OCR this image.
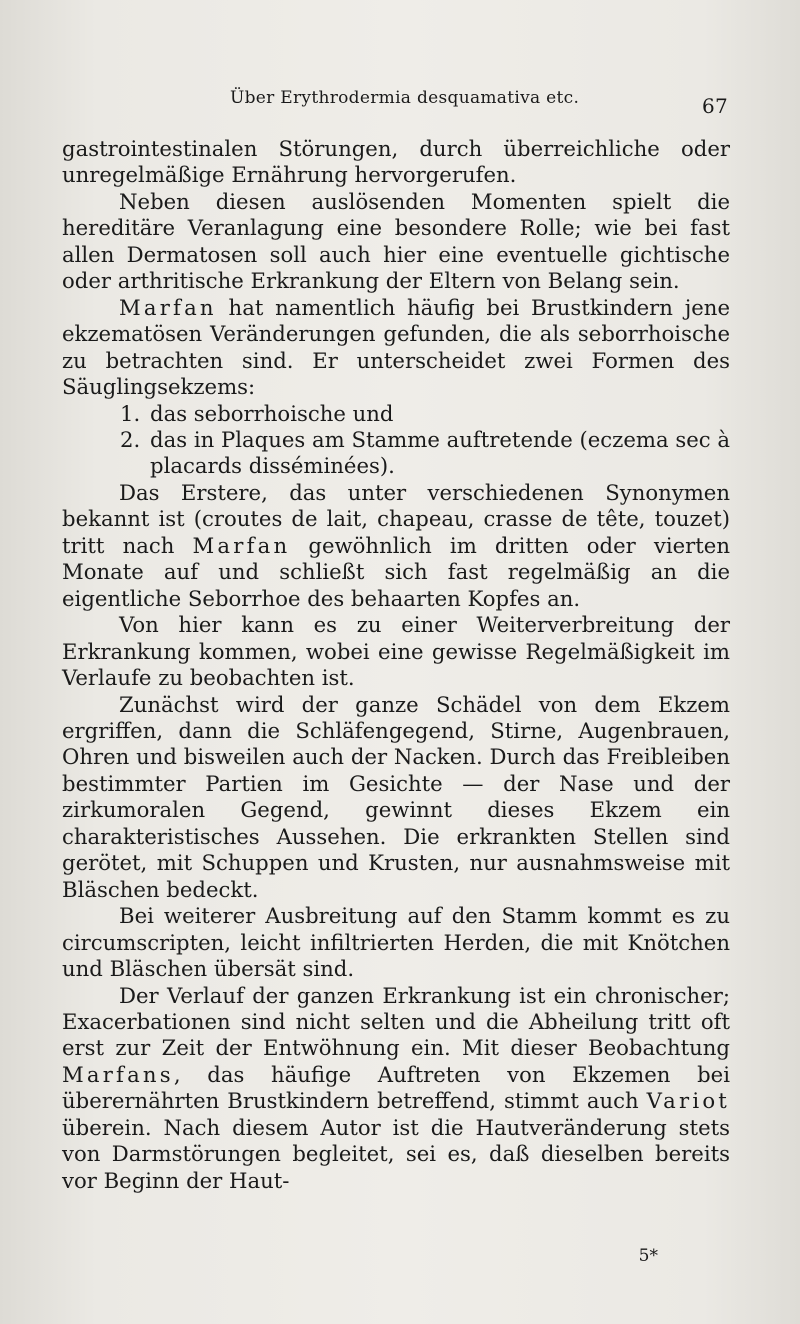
Über Erythrodermia desquamativa etc.	67

gastrointestinalen Störungen, durch überreichliche oder unregelmäßige Ernährung hervorgerufen.

Neben diesen auslösenden Momenten spielt die hereditäre Veranlagung eine besondere Rolle; wie bei fast allen Dermatosen soll auch hier eine eventuelle gichtische oder arthritische Erkrankung der Eltern von Belang sein.

Marfan hat namentlich häufig bei Brustkindern jene ekzematösen Veränderungen gefunden, die als seborrhoische zu betrachten sind. Er unterscheidet zwei Formen des Säuglingsekzems:

1. das seborrhoische und

2. das in Plaques am Stamme auftretende (eczema sec à placards disséminées).

Das Erstere, das unter verschiedenen Synonymen bekannt ist (croutes de lait, chapeau, crasse de tête, touzet) tritt nach Marfan gewöhnlich im dritten oder vierten Monate auf und schließt sich fast regelmäßig an die eigentliche Seborrhoe des behaarten Kopfes an.

Von hier kann es zu einer Weiterverbreitung der Erkrankung kommen, wobei eine gewisse Regelmäßigkeit im Verlaufe zu beobachten ist.

Zunächst wird der ganze Schädel von dem Ekzem ergriffen, dann die Schläfengegend, Stirne, Augenbrauen, Ohren und bisweilen auch der Nacken. Durch das Freibleiben bestimmter Partien im Gesichte — der Nase und der zirkumoralen Gegend, gewinnt dieses Ekzem ein charakteristisches Aussehen. Die erkrankten Stellen sind gerötet, mit Schuppen und Krusten, nur ausnahmsweise mit Bläschen bedeckt.

Bei weiterer Ausbreitung auf den Stamm kommt es zu circumscripten, leicht infiltrierten Herden, die mit Knötchen und Bläschen übersät sind.

Der Verlauf der ganzen Erkrankung ist ein chronischer; Exacerbationen sind nicht selten und die Abheilung tritt oft erst zur Zeit der Entwöhnung ein. Mit dieser Beobachtung Marfans, das häufige Auftreten von Ekzemen bei überernährten Brustkindern betreffend, stimmt auch Variot überein. Nach diesem Autor ist die Hautveränderung stets von Darmstörungen begleitet, sei es, daß dieselben bereits vor Beginn der Haut-

5*
